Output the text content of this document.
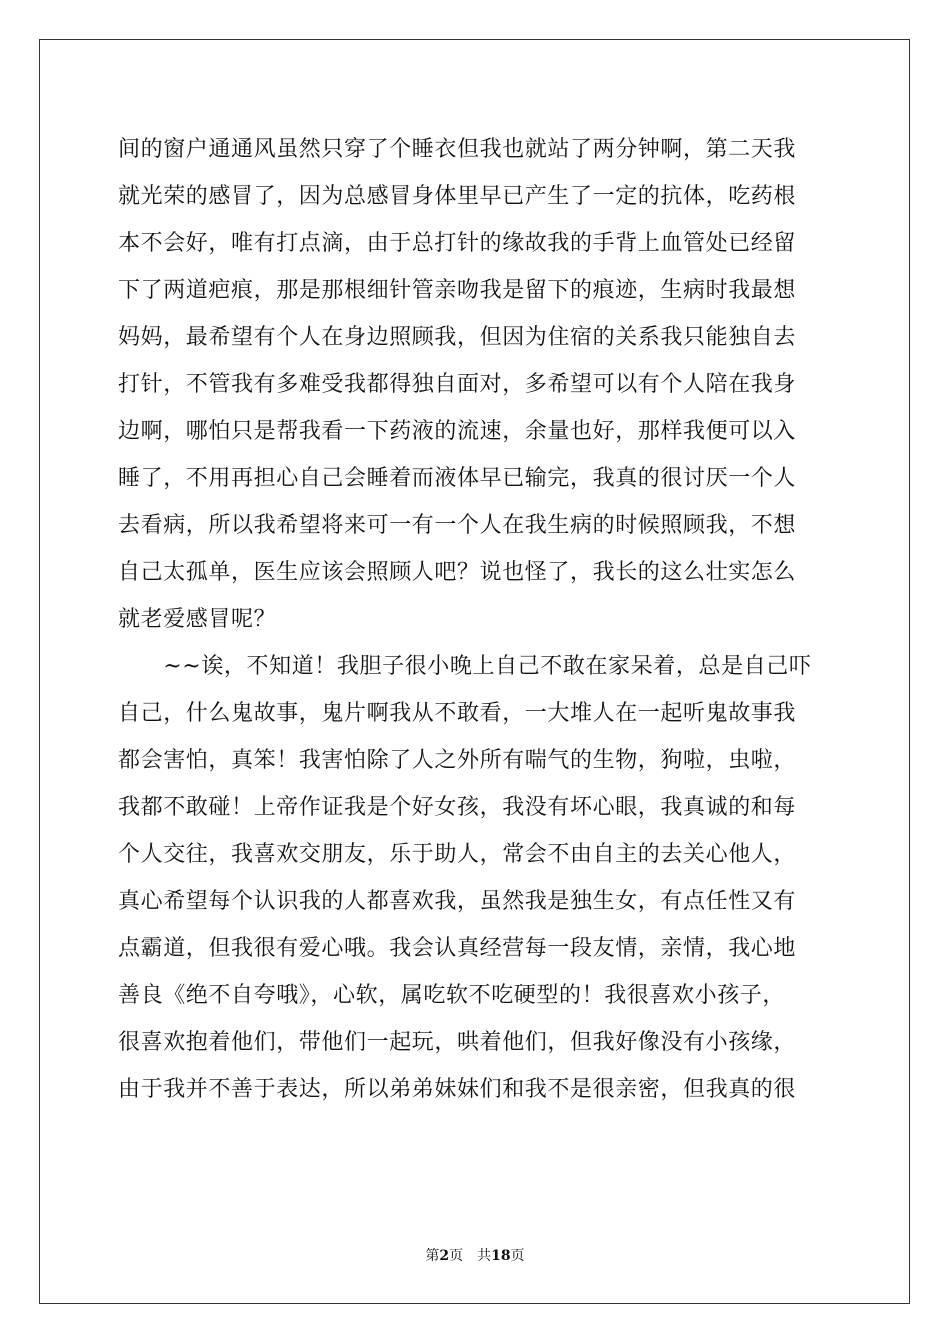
间的窗户通通风虽然只穿了个睡衣但我也就站了两分钟啊，第二天我
就光荣的感冒了，因为总感冒身体里早已产生了一定的抗体，吃药根
本不会好，唯有打点滴，由于总打针的缘故我的手背上血管处已经留
下了两道疤痕，那是那根细针管亲吻我是留下的痕迹，生病时我最想
妈妈，最希望有个人在身边照顾我，但因为住宿的关系我只能独自去
打针，不管我有多难受我都得独自面对，多希望可以有个人陪在我身
边啊，哪怕只是帮我看一下药液的流速，余量也好，那样我便可以入
睡了，不用再担心自己会睡着而液体早已输完，我真的很讨厌一个人
去看病，所以我希望将来可一有一个人在我生病的时候照顾我，不想
自己太孤单，医生应该会照顾人吧？说也怪了，我长的这么壮实怎么
就老爱感冒呢？
　　~~诶，不知道！我胆子很小晚上自己不敢在家呆着，总是自己吓
自己，什么鬼故事，鬼片啊我从不敢看，一大堆人在一起听鬼故事我
都会害怕，真笨！我害怕除了人之外所有喘气的生物，狗啦，虫啦，
我都不敢碰！上帝作证我是个好女孩，我没有坏心眼，我真诚的和每
个人交往，我喜欢交朋友，乐于助人，常会不由自主的去关心他人，
真心希望每个认识我的人都喜欢我，虽然我是独生女，有点任性又有
点霸道，但我很有爱心哦。我会认真经营每一段友情，亲情，我心地
善良《绝不自夸哦》，心软，属吃软不吃硬型的！我很喜欢小孩子，
很喜欢抱着他们，带他们一起玩，哄着他们，但我好像没有小孩缘，
由于我并不善于表达，所以弟弟妹妹们和我不是很亲密，但我真的很
第2页 共18页
